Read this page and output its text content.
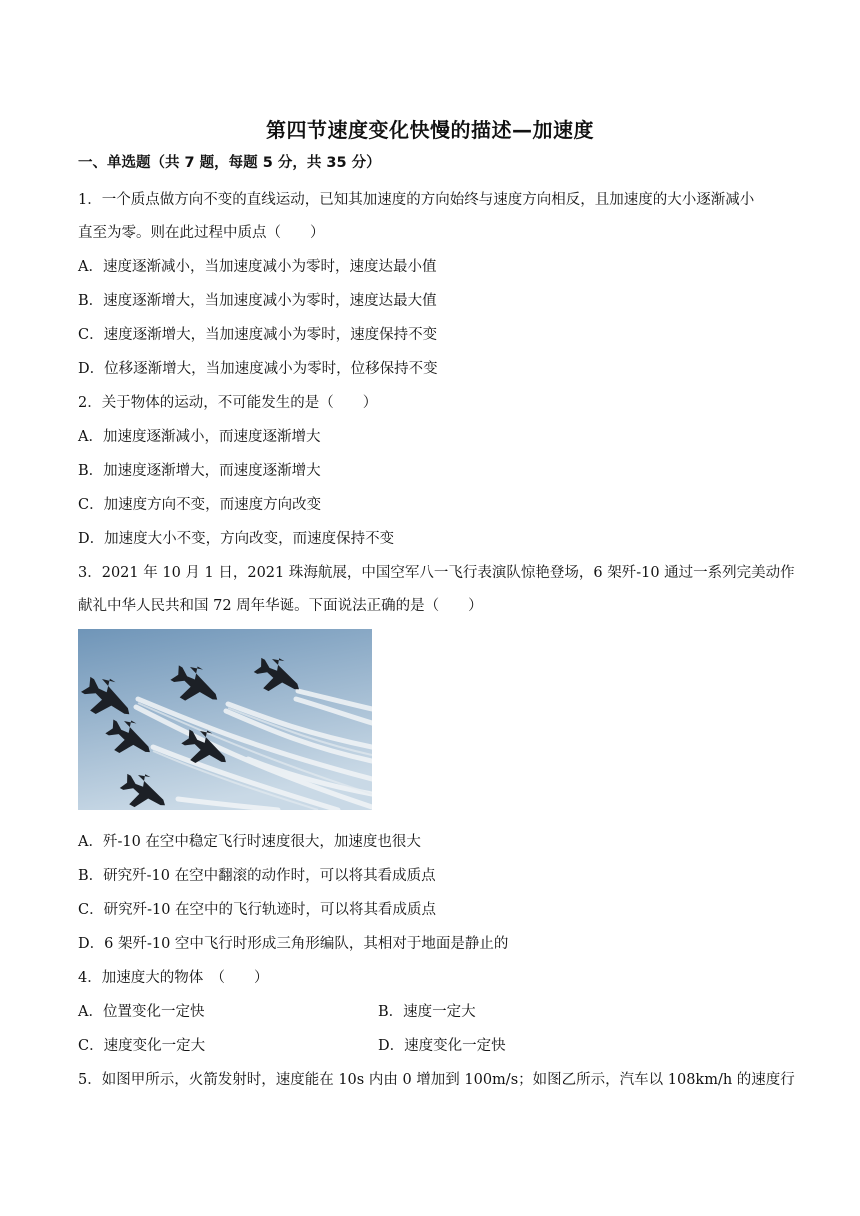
第四节速度变化快慢的描述—加速度
一、单选题（共 7 题，每题 5 分，共 35 分）
1．一个质点做方向不变的直线运动，已知其加速度的方向始终与速度方向相反，且加速度的大小逐渐减小
直至为零。则在此过程中质点（　　）
A．速度逐渐减小，当加速度减小为零时，速度达最小值
B．速度逐渐增大，当加速度减小为零时，速度达最大值
C．速度逐渐增大，当加速度减小为零时，速度保持不变
D．位移逐渐增大，当加速度减小为零时，位移保持不变
2．关于物体的运动，不可能发生的是（　　）
A．加速度逐渐减小，而速度逐渐增大
B．加速度逐渐增大，而速度逐渐增大
C．加速度方向不变，而速度方向改变
D．加速度大小不变，方向改变，而速度保持不变
3．2021 年 10 月 1 日，2021 珠海航展，中国空军八一飞行表演队惊艳登场，6 架歼-10 通过一系列完美动作
献礼中华人民共和国 72 周年华诞。下面说法正确的是（　　）
A．歼-10 在空中稳定飞行时速度很大，加速度也很大
B．研究歼-10 在空中翻滚的动作时，可以将其看成质点
C．研究歼-10 在空中的飞行轨迹时，可以将其看成质点
D．6 架歼-10 空中飞行时形成三角形编队，其相对于地面是静止的
4．加速度大的物体　（　　）
A．位置变化一定快	B．速度一定大
C．速度变化一定大	D．速度变化一定快
5．如图甲所示，火箭发射时，速度能在 10s 内由 0 增加到 100m/s；如图乙所示，汽车以 108km/h 的速度行
